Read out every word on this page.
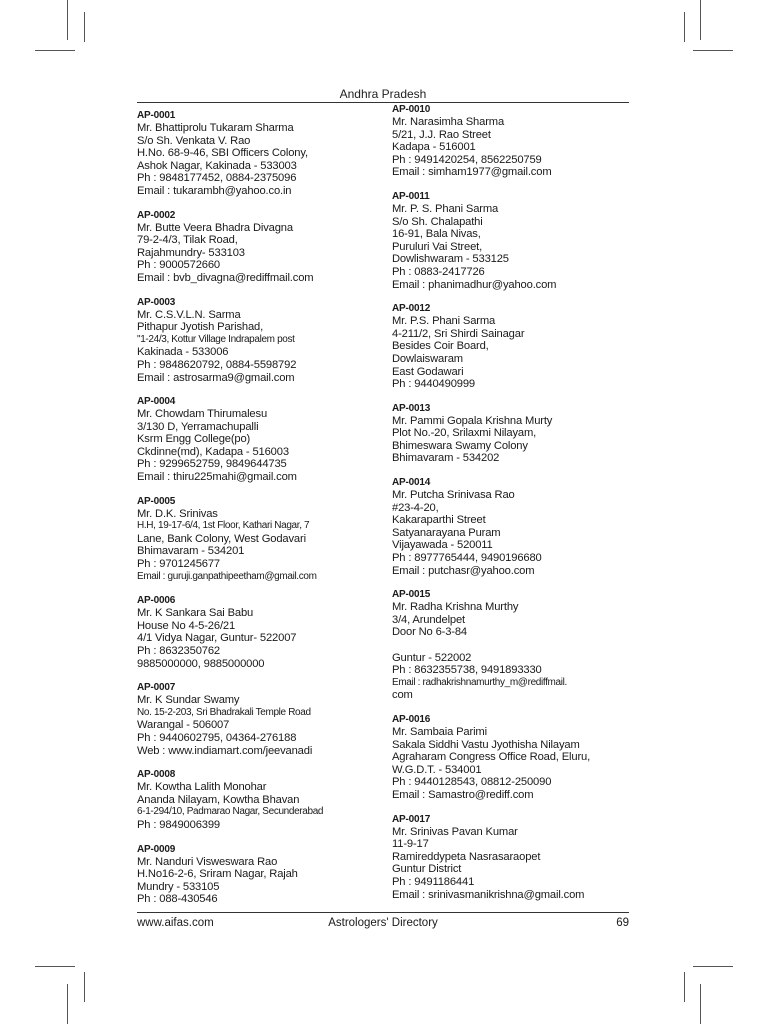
Andhra Pradesh
AP-0001
Mr. Bhattiprolu Tukaram Sharma
S/o Sh. Venkata V. Rao
H.No. 68-9-46, SBI Officers Colony,
Ashok Nagar, Kakinada - 533003
Ph : 9848177452, 0884-2375096
Email : tukarambh@yahoo.co.in
AP-0002
Mr. Butte Veera Bhadra Divagna
79-2-4/3, Tilak Road,
Rajahmundry- 533103
Ph : 9000572660
Email : bvb_divagna@rediffmail.com
AP-0003
Mr. C.S.V.L.N. Sarma
Pithapur Jyotish Parishad,
"1-24/3, Kottur Village Indrapalem post
Kakinada - 533006
Ph : 9848620792, 0884-5598792
Email : astrosarma9@gmail.com
AP-0004
Mr. Chowdam Thirumalesu
3/130 D, Yerramachupalli
Ksrm Engg College(po)
Ckdinne(md), Kadapa - 516003
Ph : 9299652759, 9849644735
Email : thiru225mahi@gmail.com
AP-0005
Mr. D.K. Srinivas
H.H, 19-17-6/4, 1st Floor, Kathari Nagar, 7
Lane, Bank Colony, West Godavari
Bhimavaram - 534201
Ph : 9701245677
Email : guruji.ganpathipeetham@gmail.com
AP-0006
Mr. K Sankara Sai Babu
House No 4-5-26/21
4/1 Vidya Nagar, Guntur- 522007
Ph : 8632350762
9885000000, 9885000000
AP-0007
Mr. K Sundar Swamy
No. 15-2-203, Sri Bhadrakali Temple Road
Warangal - 506007
Ph : 9440602795, 04364-276188
Web : www.indiamart.com/jeevanadi
AP-0008
Mr. Kowtha Lalith Monohar
Ananda Nilayam, Kowtha Bhavan
6-1-294/10, Padmarao Nagar, Secunderabad
Ph : 9849006399
AP-0009
Mr. Nanduri Visweswara Rao
H.No16-2-6, Sriram Nagar, Rajah
Mundry - 533105
Ph : 088-430546
AP-0010
Mr. Narasimha Sharma
5/21, J.J. Rao Street
Kadapa - 516001
Ph : 9491420254, 8562250759
Email : simham1977@gmail.com
AP-0011
Mr. P. S. Phani Sarma
S/o Sh. Chalapathi
16-91, Bala Nivas,
Puruluri Vai Street,
Dowlishwaram - 533125
Ph : 0883-2417726
Email : phanimadhur@yahoo.com
AP-0012
Mr. P.S. Phani Sarma
4-211/2, Sri Shirdi Sainagar
Besides Coir Board,
Dowlaiswaram
East Godawari
Ph : 9440490999
AP-0013
Mr. Pammi Gopala Krishna Murty
Plot No.-20, Srilaxmi Nilayam,
Bhimeswara Swamy Colony
Bhimavaram - 534202
AP-0014
Mr. Putcha Srinivasa Rao
#23-4-20,
Kakaraparthi Street
Satyanarayana Puram
Vijayawada - 520011
Ph : 8977765444, 9490196680
Email : putchasr@yahoo.com
AP-0015
Mr. Radha Krishna Murthy
3/4, Arundelpet
Door No 6-3-84
Guntur - 522002
Ph : 8632355738, 9491893330
Email : radhakrishnamurthy_m@rediffmail.
com
AP-0016
Mr. Sambaia Parimi
Sakala Siddhi Vastu Jyothisha Nilayam
Agraharam Congress Office Road, Eluru,
W.G.D.T. - 534001
Ph : 9440128543, 08812-250090
Email : Samastro@rediff.com
AP-0017
Mr. Srinivas Pavan Kumar
11-9-17
Ramireddypeta Nasrasaraopet
Guntur District
Ph : 9491186441
Email : srinivasmanikrishna@gmail.com
www.aifas.com	Astrologers' Directory	69
